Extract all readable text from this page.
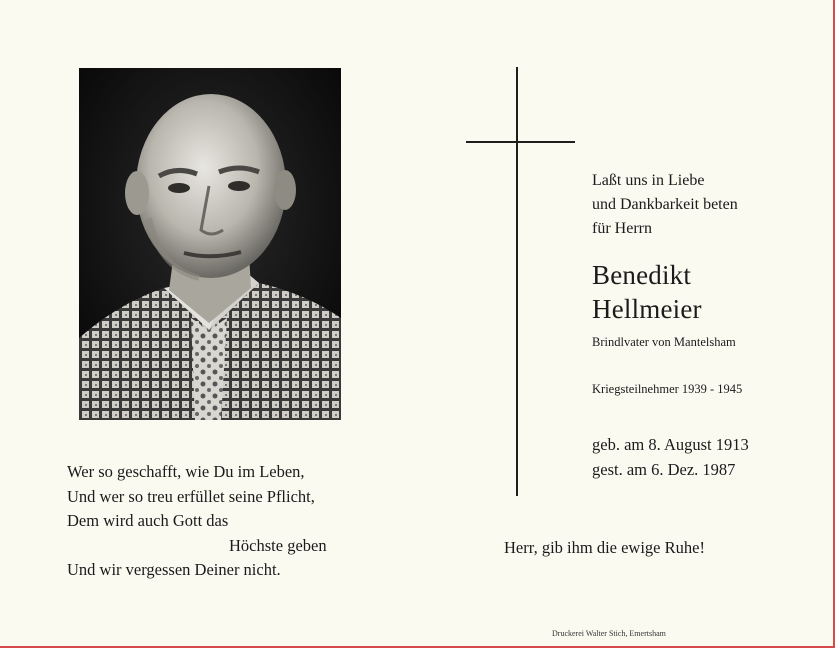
Wer so geschafft, wie Du im Leben,
Und wer so treu erfüllet seine Pflicht,
Dem wird auch Gott das
Höchste geben
Und wir vergessen Deiner nicht.
Laßt uns in Liebe
und Dankbarkeit beten
für Herrn
Benedikt
Hellmeier
Brindlvater von Mantelsham
Kriegsteilnehmer 1939 - 1945
geb. am 8. August 1913
gest. am 6. Dez. 1987
Herr, gib ihm die ewige Ruhe!
Druckerei Walter Stich, Emertsham
